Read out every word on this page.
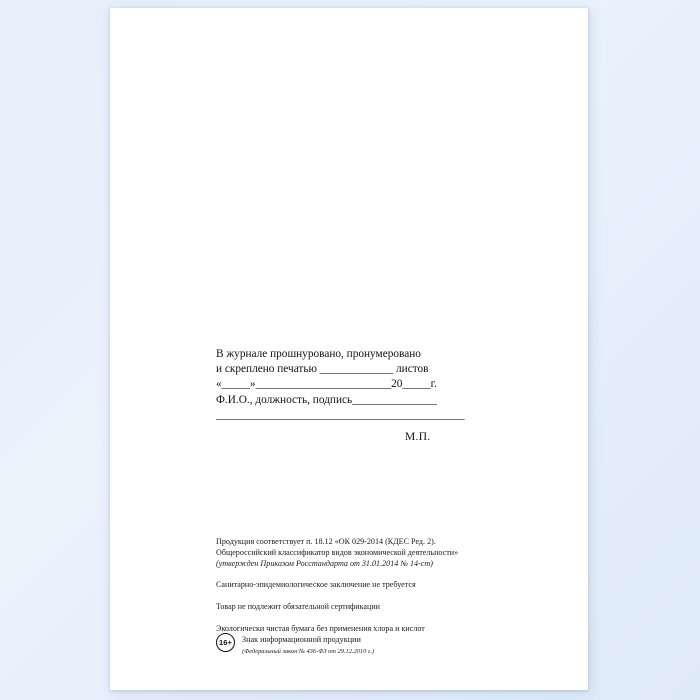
В журнале прошнуровано, пронумеровано
и скреплено печатью _____________ листов
«_____»________________________20_____г.
Ф.И.О., должность, подпись_______________
____________________________________________
М.П.
Продукция соответствует п. 18.12 «ОК 029-2014 (КДЕС Ред. 2).
Общероссийский классификатор видов экономической деятельности»
(утвержден Приказом Росстандарта от 31.01.2014 № 14-ст)
Санитарно-эпидемиологическое заключение не требуется
Товар не подлежит обязательной сертификации
Экологически чистая бумага без применения хлора и кислот
16+	Знак информационной продукции
(Федеральный закон № 436-ФЗ от 29.12.2010 г.)
